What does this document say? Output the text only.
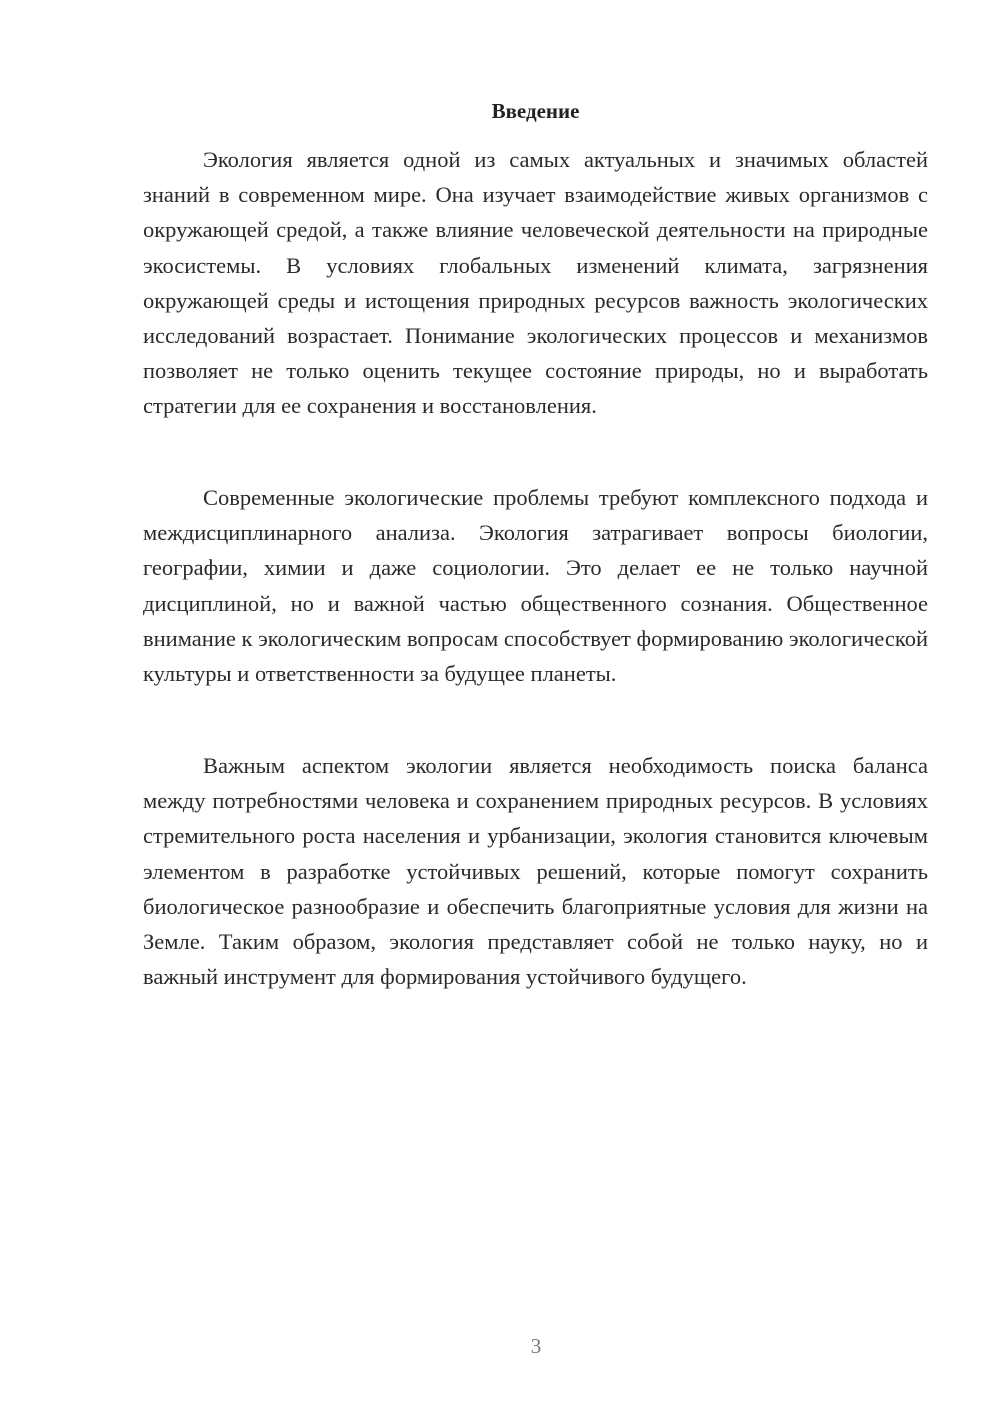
Введение

Экология является одной из самых актуальных и значимых областей знаний в современном мире. Она изучает взаимодействие живых организмов с окружающей средой, а также влияние человеческой деятельности на природные экосистемы. В условиях глобальных изменений климата, загрязнения окружающей среды и истощения природных ресурсов важность экологических исследований возрастает. Понимание экологических процессов и механизмов позволяет не только оценить текущее состояние природы, но и выработать стратегии для ее сохранения и восстановления.

Современные экологические проблемы требуют комплексного подхода и междисциплинарного анализа. Экология затрагивает вопросы биологии, географии, химии и даже социологии. Это делает ее не только научной дисциплиной, но и важной частью общественного сознания. Общественное внимание к экологическим вопросам способствует формированию экологической культуры и ответственности за будущее планеты.

Важным аспектом экологии является необходимость поиска баланса между потребностями человека и сохранением природных ресурсов. В условиях стремительного роста населения и урбанизации, экология становится ключевым элементом в разработке устойчивых решений, которые помогут сохранить биологическое разнообразие и обеспечить благоприятные условия для жизни на Земле. Таким образом, экология представляет собой не только науку, но и важный инструмент для формирования устойчивого будущего.

3
